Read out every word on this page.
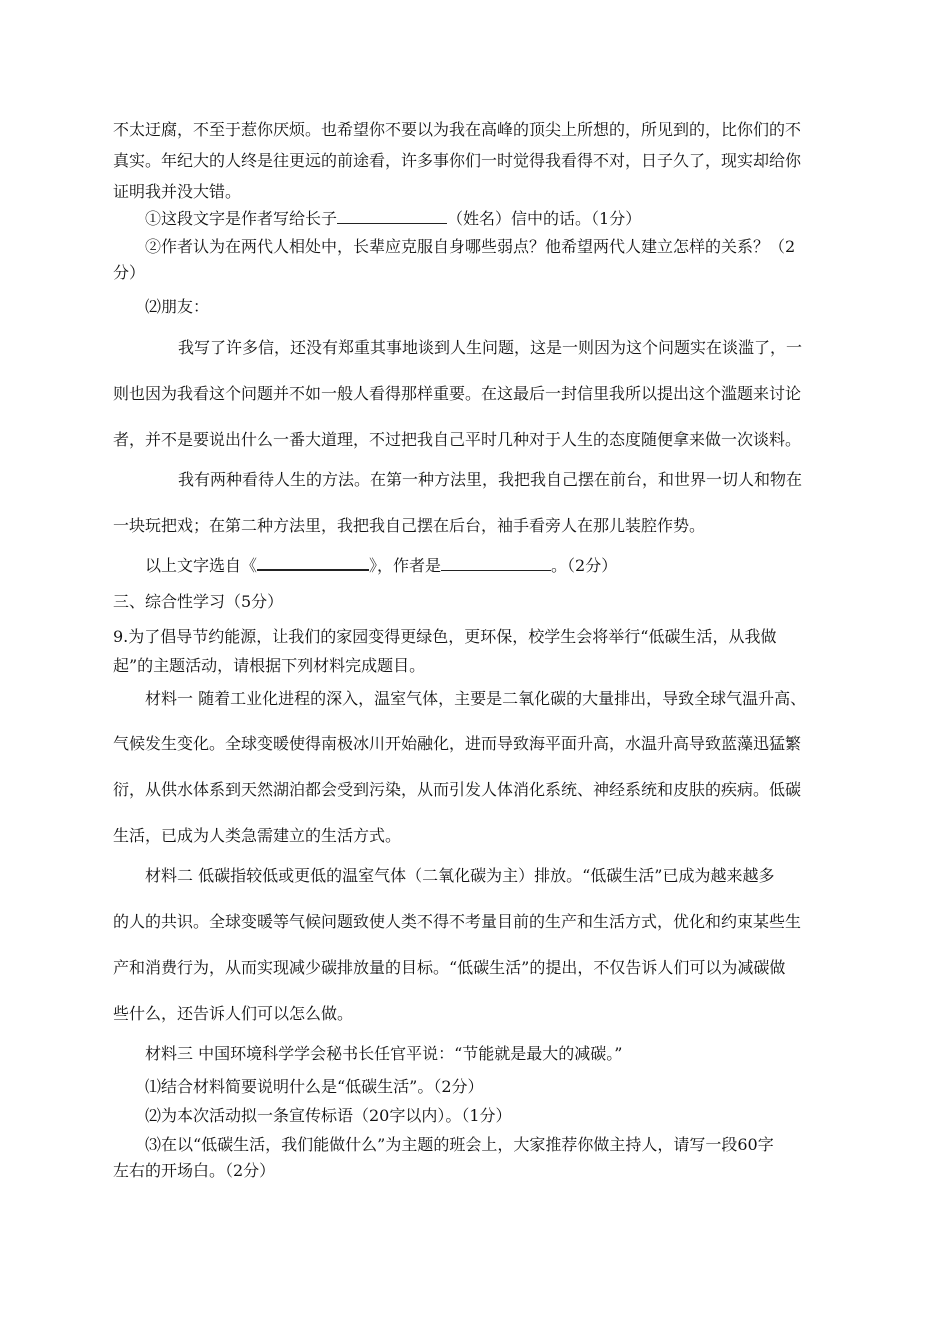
不太迂腐，不至于惹你厌烦。也希望你不要以为我在高峰的顶尖上所想的，所见到的，比你们的不
真实。年纪大的人终是往更远的前途看，许多事你们一时觉得我看得不对，日子久了，现实却给你
证明我并没大错。
①这段文字是作者写给长子	（姓名）信中的话。（1分）
②作者认为在两代人相处中，长辈应克服自身哪些弱点？他希望两代人建立怎样的关系？（2
分）
⑵朋友：
我写了许多信，还没有郑重其事地谈到人生问题，这是一则因为这个问题实在谈滥了，一
则也因为我看这个问题并不如一般人看得那样重要。在这最后一封信里我所以提出这个滥题来讨论
者，并不是要说出什么一番大道理，不过把我自己平时几种对于人生的态度随便拿来做一次谈料。
我有两种看待人生的方法。在第一种方法里，我把我自己摆在前台，和世界一切人和物在
一块玩把戏；在第二种方法里，我把我自己摆在后台，袖手看旁人在那儿装腔作势。
以上文字选自《	》，作者是	。（2分）
三、综合性学习（5分）
9.为了倡导节约能源，让我们的家园变得更绿色，更环保，校学生会将举行“低碳生活，从我做
起”的主题活动，请根据下列材料完成题目。
材料一 随着工业化进程的深入，温室气体，主要是二氧化碳的大量排出，导致全球气温升高、
气候发生变化。全球变暖使得南极冰川开始融化，进而导致海平面升高，水温升高导致蓝藻迅猛繁
衍，从供水体系到天然湖泊都会受到污染，从而引发人体消化系统、神经系统和皮肤的疾病。低碳
生活，已成为人类急需建立的生活方式。
材料二 低碳指较低或更低的温室气体（二氧化碳为主）排放。“低碳生活”已成为越来越多
的人的共识。全球变暖等气候问题致使人类不得不考量目前的生产和生活方式，优化和约束某些生
产和消费行为，从而实现减少碳排放量的目标。“低碳生活”的提出，不仅告诉人们可以为减碳做
些什么，还告诉人们可以怎么做。
材料三 中国环境科学学会秘书长任官平说：“节能就是最大的减碳。”
⑴结合材料简要说明什么是“低碳生活”。（2分）
⑵为本次活动拟一条宣传标语（20字以内）。（1分）
⑶在以“低碳生活，我们能做什么”为主题的班会上，大家推荐你做主持人，请写一段60字
左右的开场白。（2分）
